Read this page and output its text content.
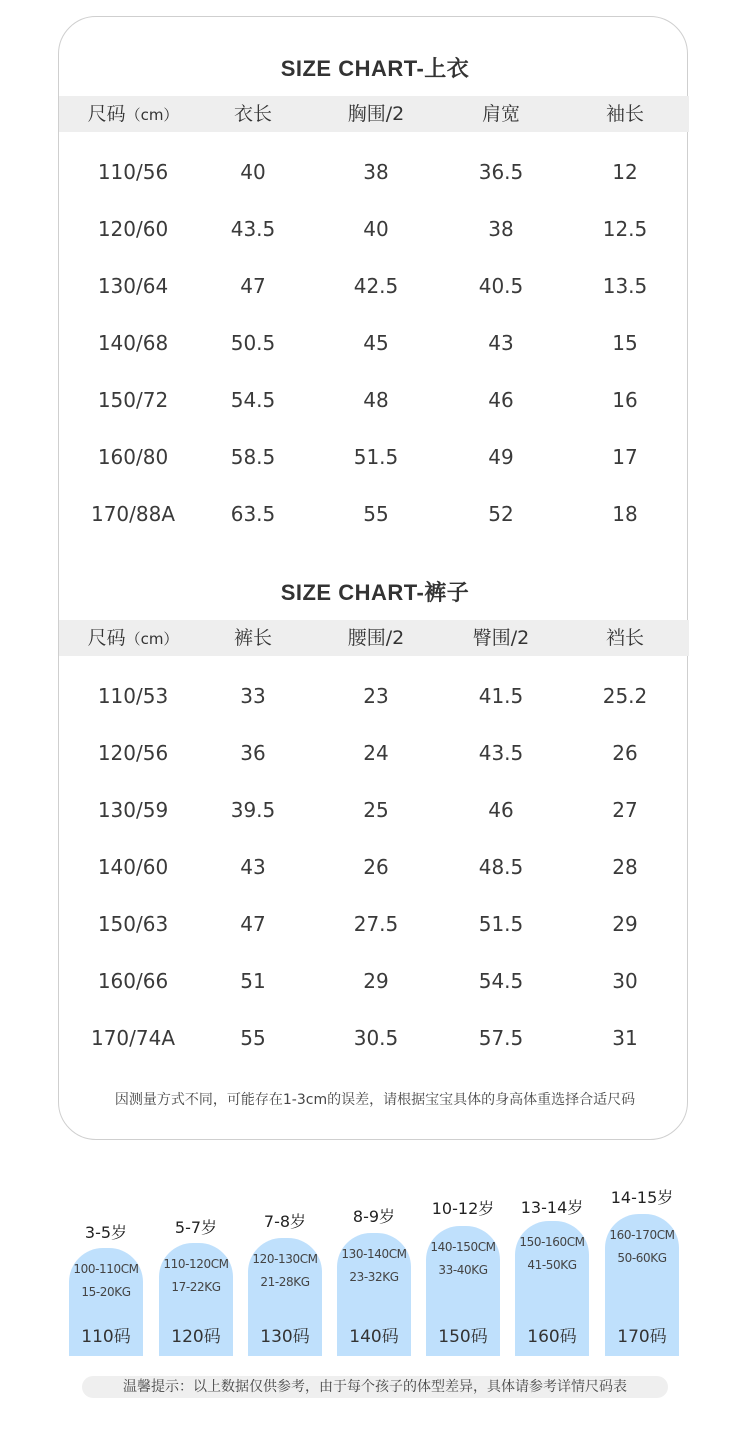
SIZE CHART-上衣
尺码（cm）	衣长	胸围/2	肩宽	袖长
110/56	40	38	36.5	12
120/60	43.5	40	38	12.5
130/64	47	42.5	40.5	13.5
140/68	50.5	45	43	15
150/72	54.5	48	46	16
160/80	58.5	51.5	49	17
170/88A	63.5	55	52	18
SIZE CHART-裤子
尺码（cm）	裤长	腰围/2	臀围/2	裆长
110/53	33	23	41.5	25.2
120/56	36	24	43.5	26
130/59	39.5	25	46	27
140/60	43	26	48.5	28
150/63	47	27.5	51.5	29
160/66	51	29	54.5	30
170/74A	55	30.5	57.5	31
因测量方式不同，可能存在1-3cm的误差，请根据宝宝具体的身高体重选择合适尺码
3-5岁
100-110CM
15-20KG
110码
5-7岁
110-120CM
17-22KG
120码
7-8岁
120-130CM
21-28KG
130码
8-9岁
130-140CM
23-32KG
140码
10-12岁
140-150CM
33-40KG
150码
13-14岁
150-160CM
41-50KG
160码
14-15岁
160-170CM
50-60KG
170码
温馨提示：以上数据仅供参考，由于每个孩子的体型差异，具体请参考详情尺码表
